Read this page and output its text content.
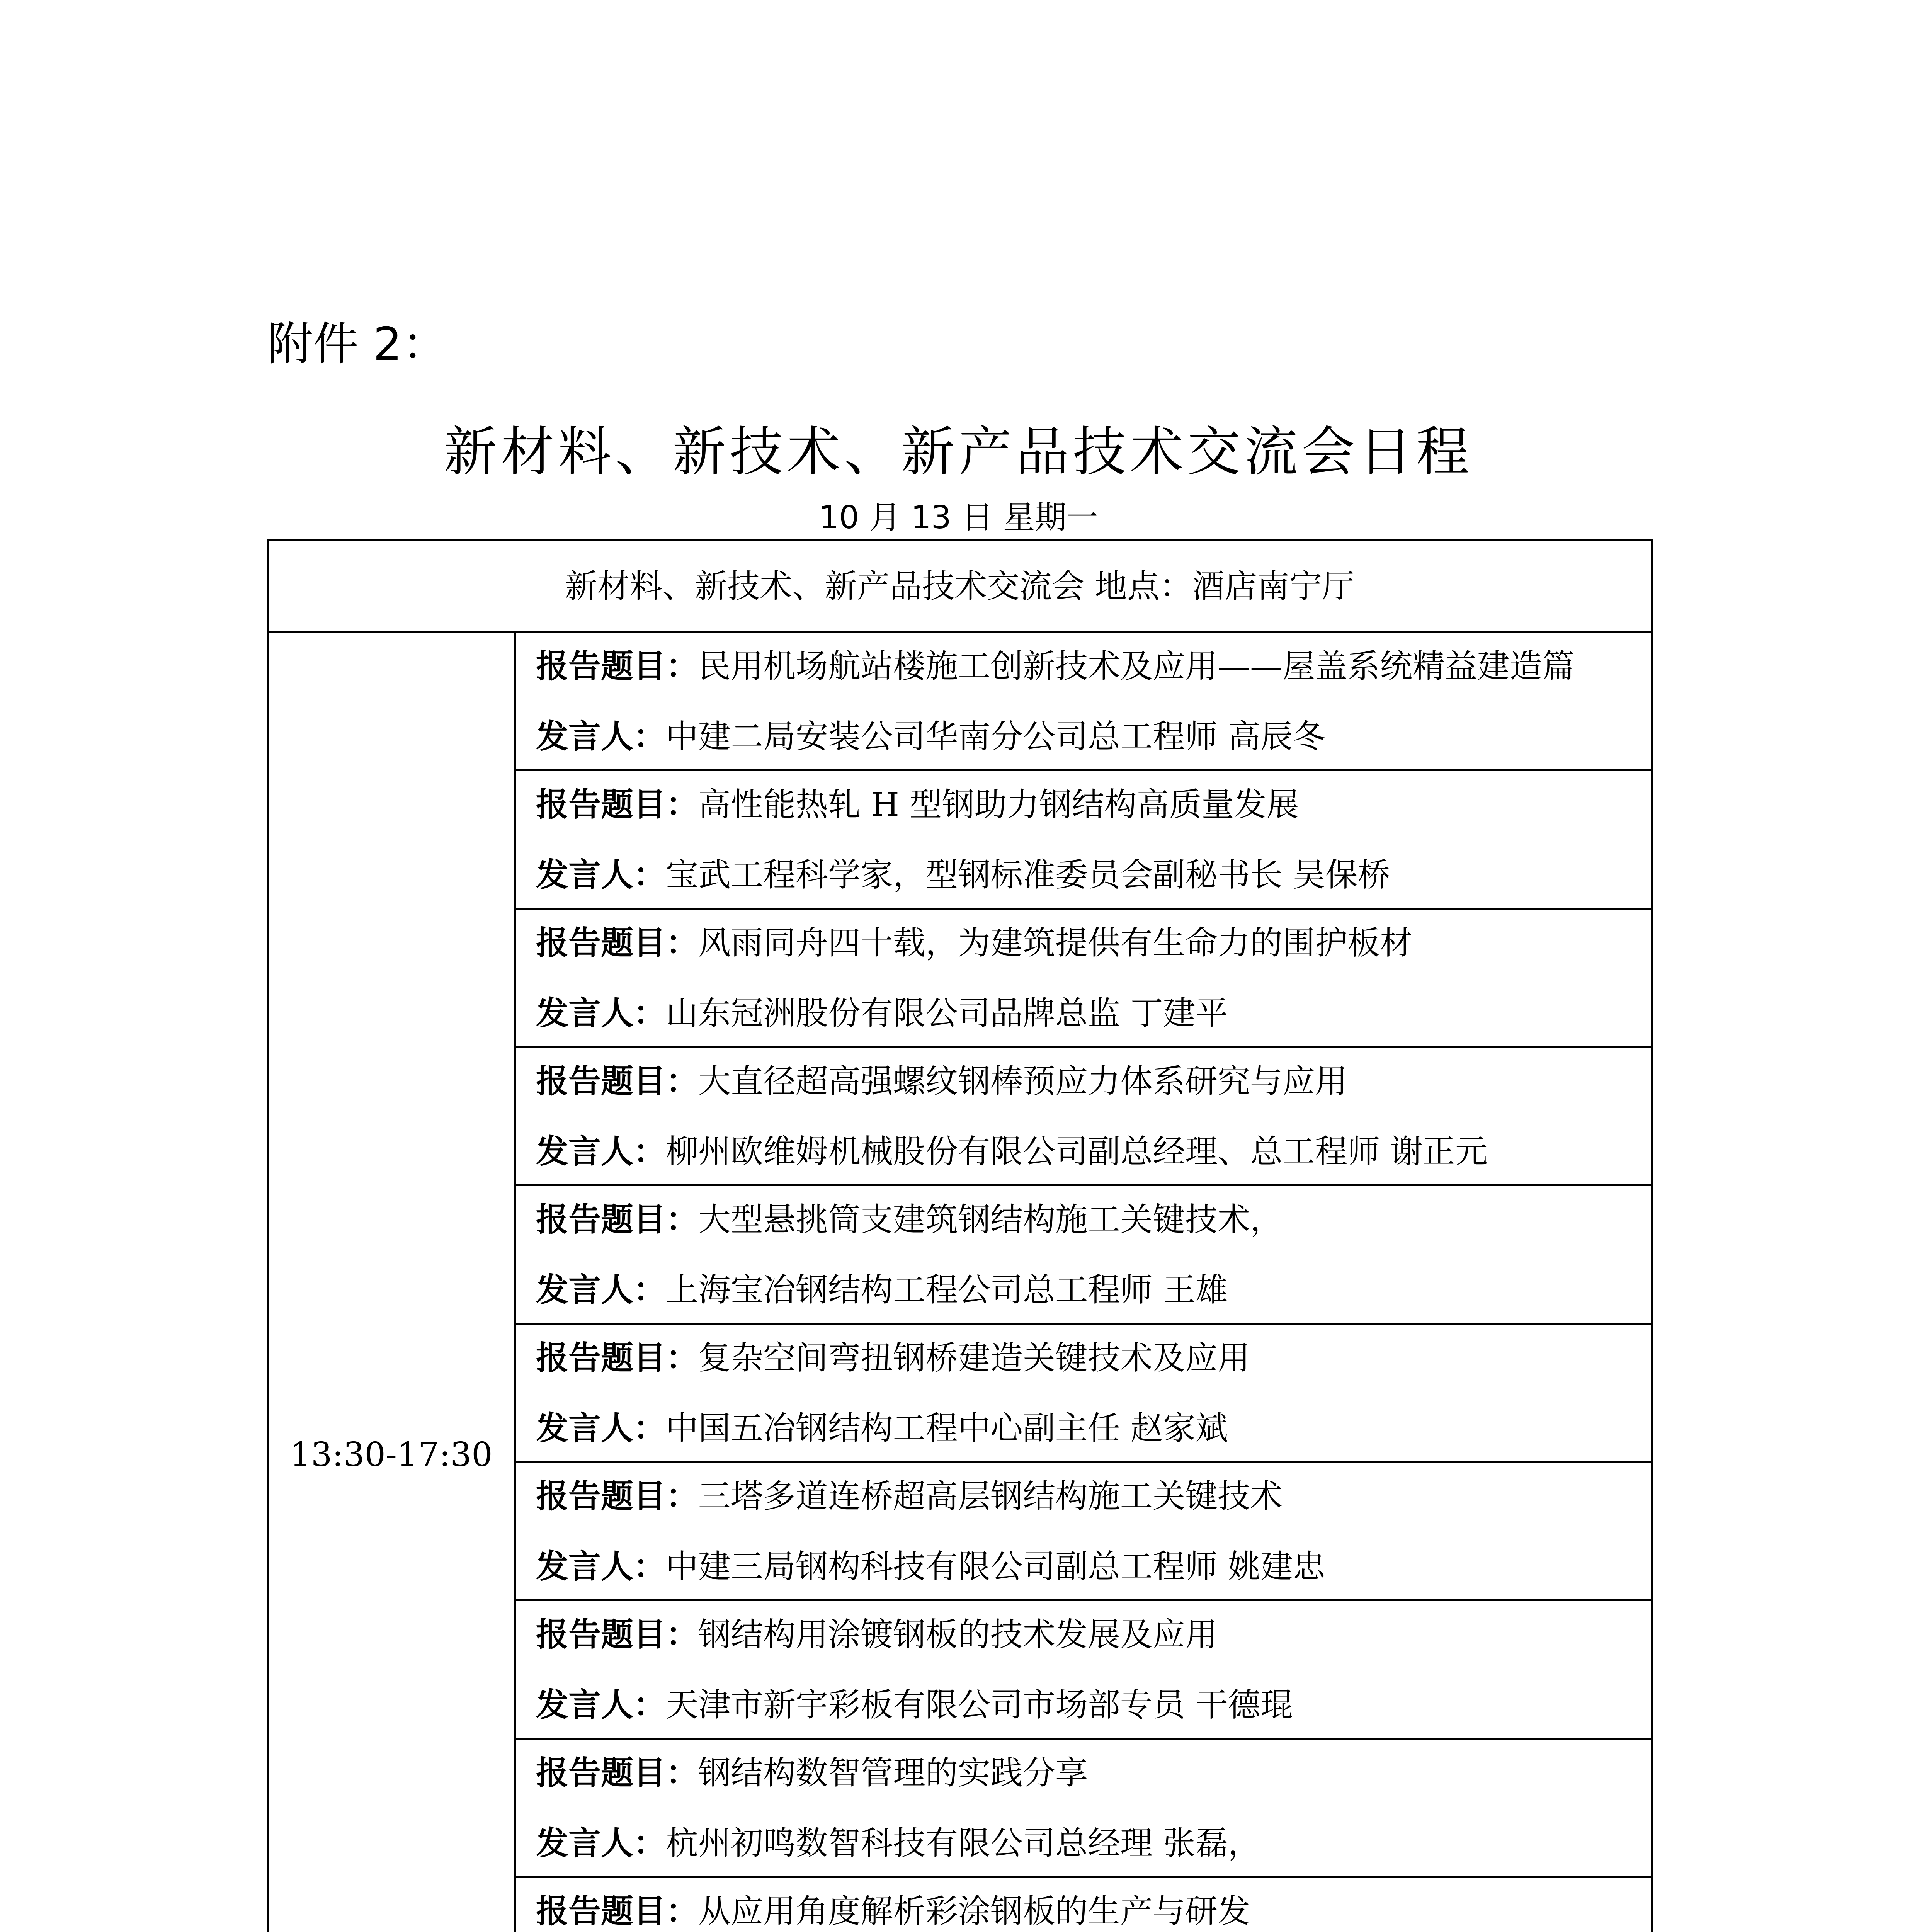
附件 2：
新材料、新技术、新产品技术交流会日程
10 月 13 日 星期一
新材料、新技术、新产品技术交流会 地点：酒店南宁厅
13:30-17:30	
报告题目：民用机场航站楼施工创新技术及应用——屋盖系统精益建造篇
发言人：中建二局安装公司华南分公司总工程师 高辰冬

报告题目：高性能热轧 H 型钢助力钢结构高质量发展
发言人：宝武工程科学家，型钢标准委员会副秘书长 吴保桥

报告题目：风雨同舟四十载，为建筑提供有生命力的围护板材
发言人：山东冠洲股份有限公司品牌总监 丁建平

报告题目：大直径超高强螺纹钢棒预应力体系研究与应用
发言人：柳州欧维姆机械股份有限公司副总经理、总工程师 谢正元

报告题目：大型悬挑筒支建筑钢结构施工关键技术，
发言人：上海宝冶钢结构工程公司总工程师 王雄

报告题目：复杂空间弯扭钢桥建造关键技术及应用
发言人：中国五冶钢结构工程中心副主任 赵家斌

报告题目：三塔多道连桥超高层钢结构施工关键技术
发言人：中建三局钢构科技有限公司副总工程师 姚建忠

报告题目：钢结构用涂镀钢板的技术发展及应用
发言人：天津市新宇彩板有限公司市场部专员 干德琨

报告题目：钢结构数智管理的实践分享
发言人：杭州初鸣数智科技有限公司总经理 张磊，

报告题目：从应用角度解析彩涂钢板的生产与研发
